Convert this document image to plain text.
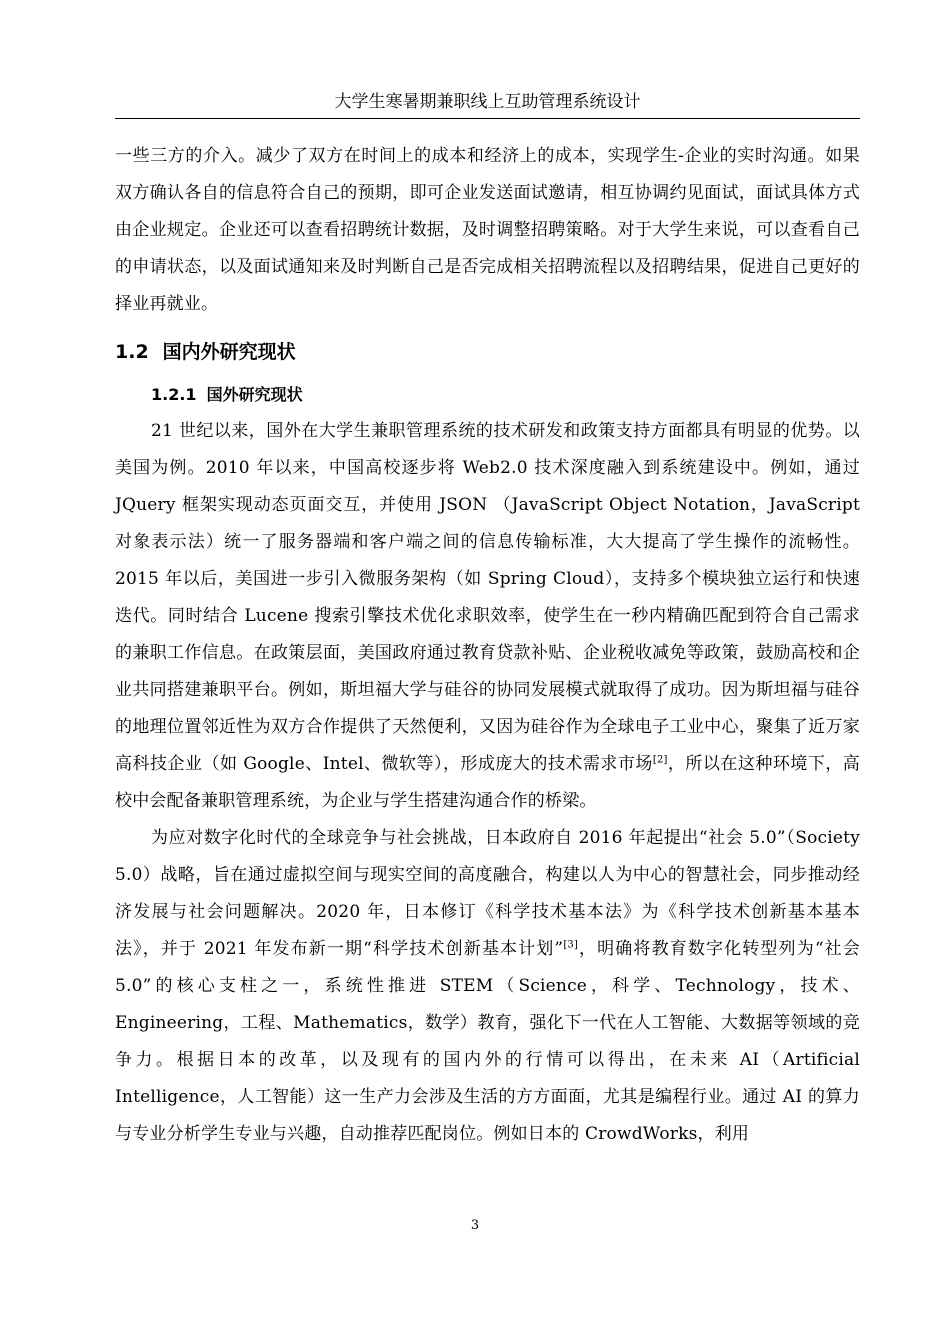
大学生寒暑期兼职线上互助管理系统设计

一些三方的介入。减少了双方在时间上的成本和经济上的成本，实现学生-企业的实时沟通。如果双方确认各自的信息符合自己的预期，即可企业发送面试邀请，相互协调约见面试，面试具体方式由企业规定。企业还可以查看招聘统计数据，及时调整招聘策略。对于大学生来说，可以查看自己的申请状态，以及面试通知来及时判断自己是否完成相关招聘流程以及招聘结果，促进自己更好的择业再就业。

1.2 国内外研究现状
1.2.1 国外研究现状

21 世纪以来，国外在大学生兼职管理系统的技术研发和政策支持方面都具有明显的优势。以美国为例。2010 年以来，中国高校逐步将 Web2.0 技术深度融入到系统建设中。例如，通过 JQuery 框架实现动态页面交互，并使用 JSON （JavaScript Object Notation，JavaScript 对象表示法）统一了服务器端和客户端之间的信息传输标准，大大提高了学生操作的流畅性。2015 年以后，美国进一步引入微服务架构（如 Spring Cloud），支持多个模块独立运行和快速迭代。同时结合 Lucene 搜索引擎技术优化求职效率，使学生在一秒内精确匹配到符合自己需求的兼职工作信息。在政策层面，美国政府通过教育贷款补贴、企业税收减免等政策，鼓励高校和企业共同搭建兼职平台。例如，斯坦福大学与硅谷的协同发展模式就取得了成功。因为斯坦福与硅谷的地理位置邻近性为双方合作提供了天然便利，又因为硅谷作为全球电子工业中心，聚集了近万家高科技企业（如 Google、Intel、微软等），形成庞大的技术需求市场[2]，所以在这种环境下，高校中会配备兼职管理系统，为企业与学生搭建沟通合作的桥梁。

为应对数字化时代的全球竞争与社会挑战，日本政府自 2016 年起提出“社会 5.0”（Society 5.0）战略，旨在通过虚拟空间与现实空间的高度融合，构建以人为中心的智慧社会，同步推动经济发展与社会问题解决。2020 年，日本修订《科学技术基本法》为《科学技术创新基本基本法》，并于 2021 年发布新一期“科学技术创新基本计划”[3]，明确将教育数字化转型列为“社会 5.0”的核心支柱之一，系统性推进 STEM（Science，科学、Technology，技术、Engineering，工程、Mathematics，数学）教育，强化下一代在人工智能、大数据等领域的竞争力。根据日本的改革，以及现有的国内外的行情可以得出，在未来 AI（Artificial Intelligence，人工智能）这一生产力会涉及生活的方方面面，尤其是编程行业。通过 AI 的算力与专业分析学生专业与兴趣，自动推荐匹配岗位。例如日本的 CrowdWorks，利用

3
